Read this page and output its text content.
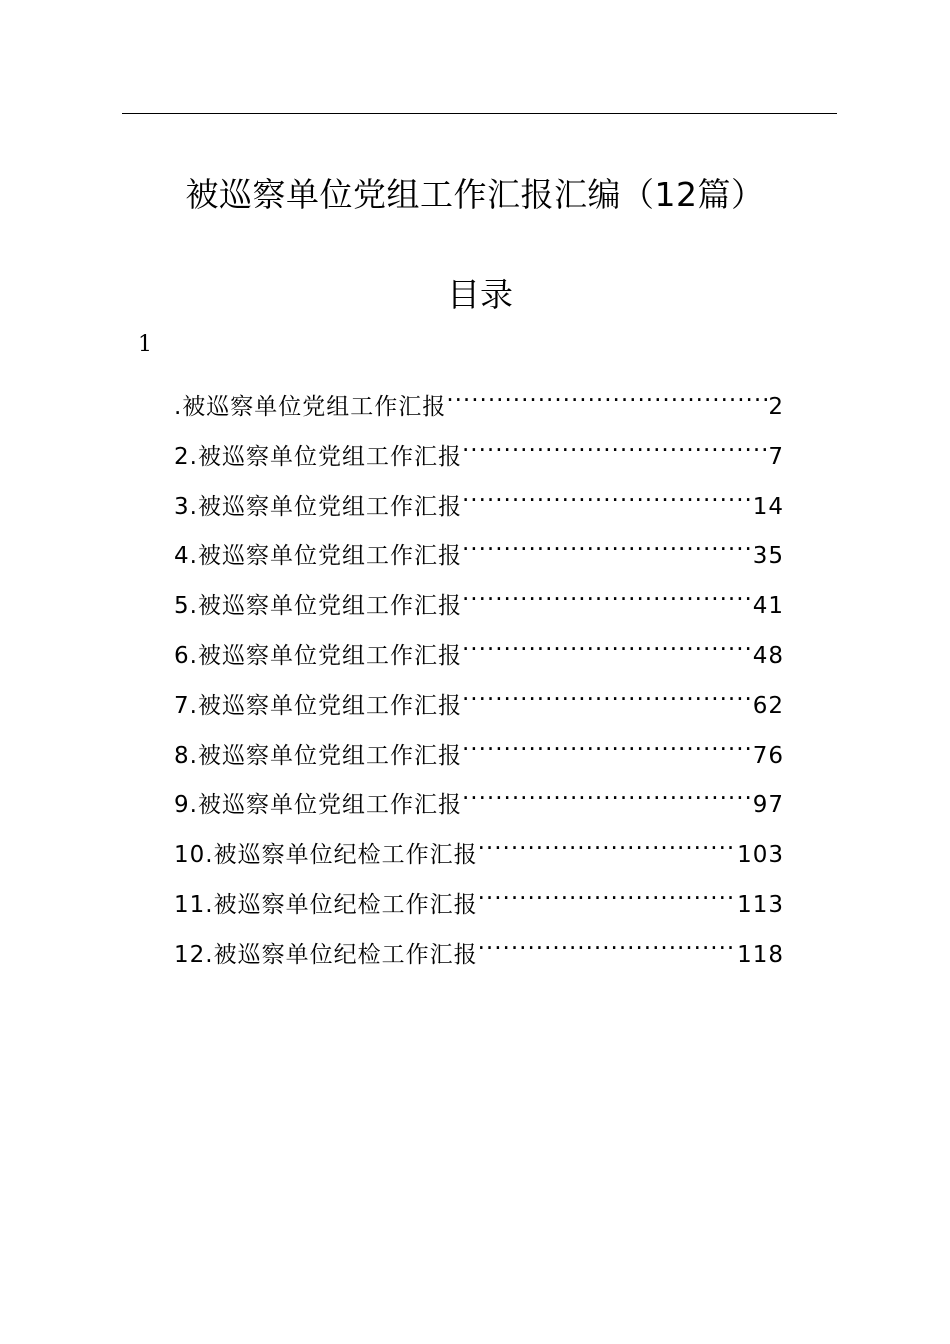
被巡察单位党组工作汇报汇编（12篇）
目录
1
.被巡察单位党组工作汇报 .....	2
2.被巡察单位党组工作汇报 .....	7
3.被巡察单位党组工作汇报 .....	14
4.被巡察单位党组工作汇报 .....	35
5.被巡察单位党组工作汇报 .....	41
6.被巡察单位党组工作汇报 .....	48
7.被巡察单位党组工作汇报 .....	62
8.被巡察单位党组工作汇报 .....	76
9.被巡察单位党组工作汇报 .....	97
10.被巡察单位纪检工作汇报 .....	103
11.被巡察单位纪检工作汇报 .....	113
12.被巡察单位纪检工作汇报 .....	118
